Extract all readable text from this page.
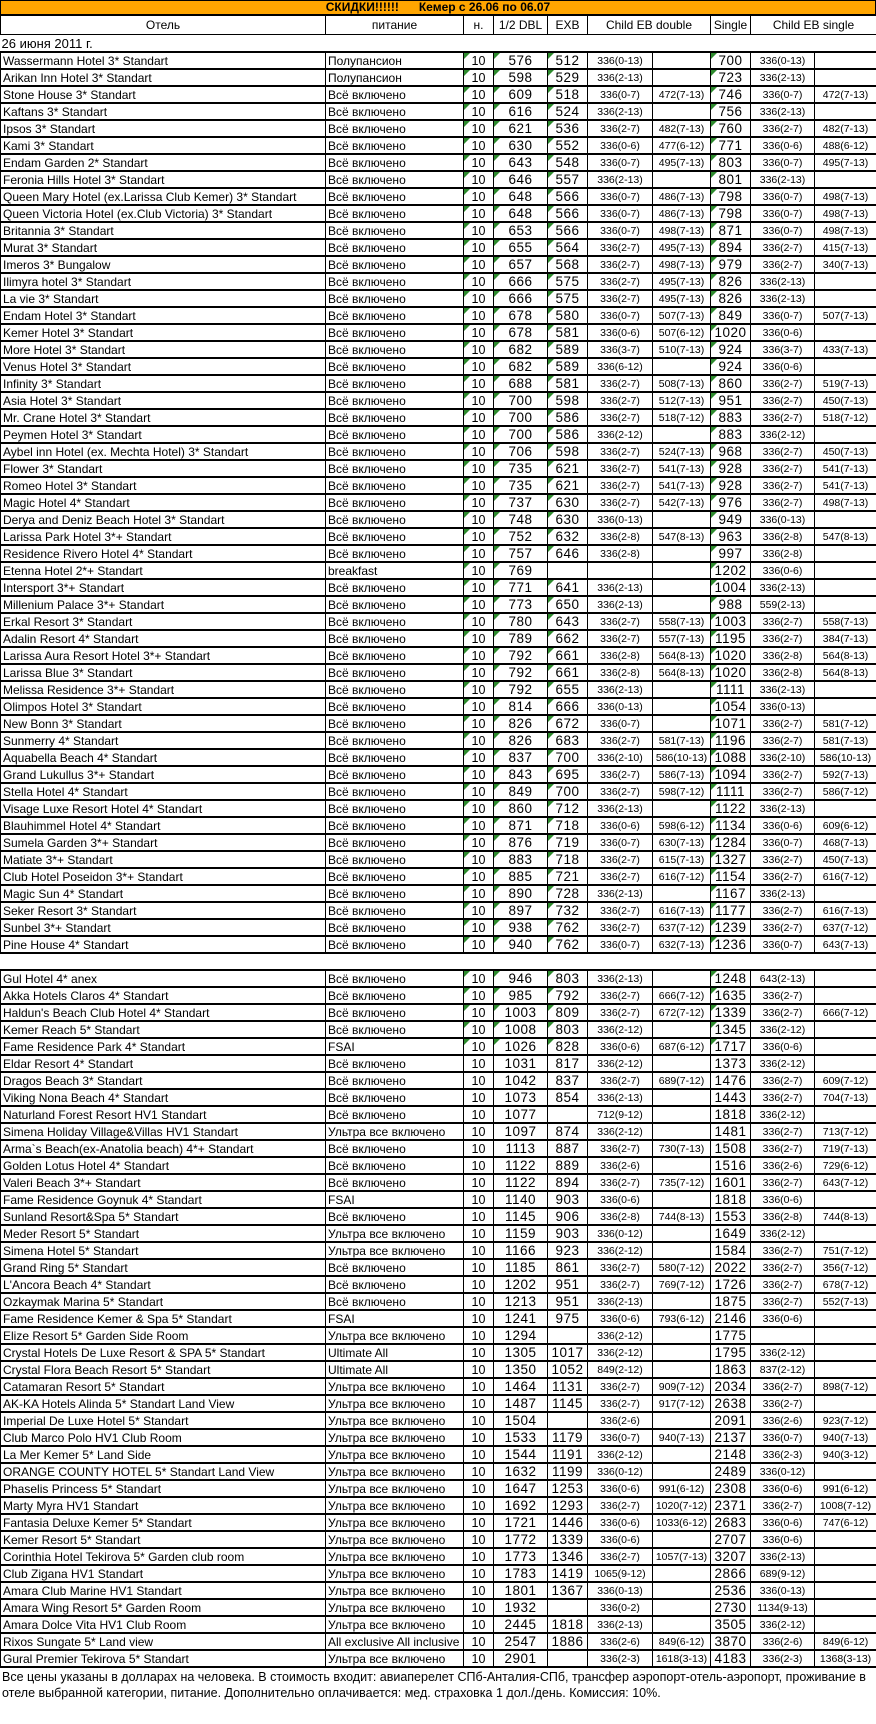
СКИДКИ!!!!!! Кемер с 26.06 по 06.07
Отель	питание	н.	1/2 DBL	EXB	Child EB double		Single	Child EB single	
26 июня 2011 г.									
Wassermann Hotel 3* Standart	Полупансион	10	576	512	336(0-13)		700	336(0-13)	
Arikan Inn Hotel 3* Standart	Полупансион	10	598	529	336(2-13)		723	336(2-13)	
Stone House 3* Standart	Всё включено	10	609	518	336(0-7)	472(7-13)	746	336(0-7)	472(7-13)
Kaftans 3* Standart	Всё включено	10	616	524	336(2-13)		756	336(2-13)	
Ipsos 3* Standart	Всё включено	10	621	536	336(2-7)	482(7-13)	760	336(2-7)	482(7-13)
Kami 3* Standart	Всё включено	10	630	552	336(0-6)	477(6-12)	771	336(0-6)	488(6-12)
Endam Garden 2* Standart	Всё включено	10	643	548	336(0-7)	495(7-13)	803	336(0-7)	495(7-13)
Feronia Hills Hotel 3* Standart	Всё включено	10	646	557	336(2-13)		801	336(2-13)	
Queen Mary Hotel (ex.Larissa Club Kemer) 3* Standart	Всё включено	10	648	566	336(0-7)	486(7-13)	798	336(0-7)	498(7-13)
Queen Victoria Hotel (ex.Club Victoria) 3* Standart	Всё включено	10	648	566	336(0-7)	486(7-13)	798	336(0-7)	498(7-13)
Britannia 3* Standart	Всё включено	10	653	566	336(0-7)	498(7-13)	871	336(0-7)	498(7-13)
Murat 3* Standart	Всё включено	10	655	564	336(2-7)	495(7-13)	894	336(2-7)	415(7-13)
Imeros 3* Bungalow	Всё включено	10	657	568	336(2-7)	498(7-13)	979	336(2-7)	340(7-13)
Ilimyra hotel 3* Standart	Всё включено	10	666	575	336(2-7)	495(7-13)	826	336(2-13)	
La vie 3* Standart	Всё включено	10	666	575	336(2-7)	495(7-13)	826	336(2-13)	
Endam Hotel 3* Standart	Всё включено	10	678	580	336(0-7)	507(7-13)	849	336(0-7)	507(7-13)
Kemer Hotel 3* Standart	Всё включено	10	678	581	336(0-6)	507(6-12)	1020	336(0-6)	
More Hotel 3* Standart	Всё включено	10	682	589	336(3-7)	510(7-13)	924	336(3-7)	433(7-13)
Venus Hotel 3* Standart	Всё включено	10	682	589	336(6-12)		924	336(0-6)	
Infinity 3* Standart	Всё включено	10	688	581	336(2-7)	508(7-13)	860	336(2-7)	519(7-13)
Asia Hotel 3* Standart	Всё включено	10	700	598	336(2-7)	512(7-13)	951	336(2-7)	450(7-13)
Mr. Crane Hotel 3* Standart	Всё включено	10	700	586	336(2-7)	518(7-12)	883	336(2-7)	518(7-12)
Peymen Hotel 3* Standart	Всё включено	10	700	586	336(2-12)		883	336(2-12)	
Aybel inn Hotel (ex. Mechta Hotel) 3* Standart	Всё включено	10	706	598	336(2-7)	524(7-13)	968	336(2-7)	450(7-13)
Flower 3* Standart	Всё включено	10	735	621	336(2-7)	541(7-13)	928	336(2-7)	541(7-13)
Romeo Hotel 3* Standart	Всё включено	10	735	621	336(2-7)	541(7-13)	928	336(2-7)	541(7-13)
Magic Hotel 4* Standart	Всё включено	10	737	630	336(2-7)	542(7-13)	976	336(2-7)	498(7-13)
Derya and Deniz Beach Hotel 3* Standart	Всё включено	10	748	630	336(0-13)		949	336(0-13)	
Larissa Park Hotel 3*+ Standart	Всё включено	10	752	632	336(2-8)	547(8-13)	963	336(2-8)	547(8-13)
Residence Rivero Hotel 4* Standart	Всё включено	10	757	646	336(2-8)		997	336(2-8)	
Etenna Hotel 2*+ Standart	breakfast	10	769				1202	336(0-6)	
Intersport 3*+ Standart	Всё включено	10	771	641	336(2-13)		1004	336(2-13)	
Millenium Palace 3*+ Standart	Всё включено	10	773	650	336(2-13)		988	559(2-13)	
Erkal Resort 3* Standart	Всё включено	10	780	643	336(2-7)	558(7-13)	1003	336(2-7)	558(7-13)
Adalin Resort 4* Standart	Всё включено	10	789	662	336(2-7)	557(7-13)	1195	336(2-7)	384(7-13)
Larissa Aura Resort Hotel 3*+ Standart	Всё включено	10	792	661	336(2-8)	564(8-13)	1020	336(2-8)	564(8-13)
Larissa Blue 3* Standart	Всё включено	10	792	661	336(2-8)	564(8-13)	1020	336(2-8)	564(8-13)
Melissa Residence 3*+ Standart	Всё включено	10	792	655	336(2-13)		1111	336(2-13)	
Olimpos Hotel 3* Standart	Всё включено	10	814	666	336(0-13)		1054	336(0-13)	
New Bonn 3* Standart	Всё включено	10	826	672	336(0-7)		1071	336(2-7)	581(7-12)
Sunmerry 4* Standart	Всё включено	10	826	683	336(2-7)	581(7-13)	1196	336(2-7)	581(7-13)
Aquabella Beach 4* Standart	Всё включено	10	837	700	336(2-10)	586(10-13)	1088	336(2-10)	586(10-13)
Grand Lukullus 3*+ Standart	Всё включено	10	843	695	336(2-7)	586(7-13)	1094	336(2-7)	592(7-13)
Stella Hotel 4* Standart	Всё включено	10	849	700	336(2-7)	598(7-12)	1111	336(2-7)	586(7-12)
Visage Luxe Resort Hotel 4* Standart	Всё включено	10	860	712	336(2-13)		1122	336(2-13)	
Blauhimmel Hotel 4* Standart	Всё включено	10	871	718	336(0-6)	598(6-12)	1134	336(0-6)	609(6-12)
Sumela Garden 3*+ Standart	Всё включено	10	876	719	336(0-7)	630(7-13)	1284	336(0-7)	468(7-13)
Matiate 3*+ Standart	Всё включено	10	883	718	336(2-7)	615(7-13)	1327	336(2-7)	450(7-13)
Club Hotel Poseidon 3*+ Standart	Всё включено	10	885	721	336(2-7)	616(7-12)	1154	336(2-7)	616(7-12)
Magic Sun 4* Standart	Всё включено	10	890	728	336(2-13)		1167	336(2-13)	
Seker Resort 3* Standart	Всё включено	10	897	732	336(2-7)	616(7-13)	1177	336(2-7)	616(7-13)
Sunbel 3*+ Standart	Всё включено	10	938	762	336(2-7)	637(7-12)	1239	336(2-7)	637(7-12)
Pine House 4* Standart	Всё включено	10	940	762	336(0-7)	632(7-13)	1236	336(0-7)	643(7-13)

Gul Hotel 4* anex	Всё включено	10	946	803	336(2-13)		1248	643(2-13)	
Akka Hotels Claros 4* Standart	Всё включено	10	985	792	336(2-7)	666(7-12)	1635	336(2-7)	
Haldun's Beach Club Hotel 4* Standart	Всё включено	10	1003	809	336(2-7)	672(7-12)	1339	336(2-7)	666(7-12)
Kemer Reach 5* Standart	Всё включено	10	1008	803	336(2-12)		1345	336(2-12)	
Fame Residence Park 4* Standart	FSAI	10	1026	828	336(0-6)	687(6-12)	1717	336(0-6)	
Eldar Resort 4* Standart	Всё включено	10	1031	817	336(2-12)		1373	336(2-12)	
Dragos Beach 3* Standart	Всё включено	10	1042	837	336(2-7)	689(7-12)	1476	336(2-7)	609(7-12)
Viking Nona Beach 4* Standart	Всё включено	10	1073	854	336(2-13)		1443	336(2-7)	704(7-13)
Naturland Forest Resort HV1 Standart	Всё включено	10	1077		712(9-12)		1818	336(2-12)	
Simena Holiday Village&Villas HV1 Standart	Ультра все включено	10	1097	874	336(2-12)		1481	336(2-7)	713(7-12)
Arma`s Beach(ex-Anatolia beach) 4*+ Standart	Всё включено	10	1113	887	336(2-7)	730(7-13)	1508	336(2-7)	719(7-13)
Golden Lotus Hotel 4* Standart	Всё включено	10	1122	889	336(2-6)		1516	336(2-6)	729(6-12)
Valeri Beach 3*+ Standart	Всё включено	10	1122	894	336(2-7)	735(7-12)	1601	336(2-7)	643(7-12)
Fame Residence Goynuk 4* Standart	FSAI	10	1140	903	336(0-6)		1818	336(0-6)	
Sunland Resort&Spa 5* Standart	Всё включено	10	1145	906	336(2-8)	744(8-13)	1553	336(2-8)	744(8-13)
Meder Resort 5* Standart	Ультра все включено	10	1159	903	336(0-12)		1649	336(2-12)	
Simena Hotel 5* Standart	Ультра все включено	10	1166	923	336(2-12)		1584	336(2-7)	751(7-12)
Grand Ring 5* Standart	Всё включено	10	1185	861	336(2-7)	580(7-12)	2022	336(2-7)	356(7-12)
L'Ancora Beach 4* Standart	Всё включено	10	1202	951	336(2-7)	769(7-12)	1726	336(2-7)	678(7-12)
Ozkaymak Marina 5* Standart	Всё включено	10	1213	951	336(2-13)		1875	336(2-7)	552(7-13)
Fame Residence Kemer & Spa 5* Standart	FSAI	10	1241	975	336(0-6)	793(6-12)	2146	336(0-6)	
Elize Resort 5* Garden Side Room	Ультра все включено	10	1294		336(2-12)		1775		
Crystal Hotels De Luxe Resort & SPA 5* Standart	Ultimate All	10	1305	1017	336(2-12)		1795	336(2-12)	
Crystal Flora Beach Resort 5* Standart	Ultimate All	10	1350	1052	849(2-12)		1863	837(2-12)	
Catamaran Resort 5* Standart	Ультра все включено	10	1464	1131	336(2-7)	909(7-12)	2034	336(2-7)	898(7-12)
AK-KA Hotels Alinda 5* Standart Land View	Ультра все включено	10	1487	1145	336(2-7)	917(7-12)	2638	336(2-7)	
Imperial De Luxe Hotel 5* Standart	Ультра все включено	10	1504		336(2-6)		2091	336(2-6)	923(7-12)
Club Marco Polo HV1 Club Room	Ультра все включено	10	1533	1179	336(0-7)	940(7-13)	2137	336(0-7)	940(7-13)
La Mer Kemer 5* Land Side	Ультра все включено	10	1544	1191	336(2-12)		2148	336(2-3)	940(3-12)
ORANGE COUNTY HOTEL 5* Standart Land View	Ультра все включено	10	1632	1199	336(0-12)		2489	336(0-12)	
Phaselis Princess 5* Standart	Ультра все включено	10	1647	1253	336(0-6)	991(6-12)	2308	336(0-6)	991(6-12)
Marty Myra HV1 Standart	Ультра все включено	10	1692	1293	336(2-7)	1020(7-12)	2371	336(2-7)	1008(7-12)
Fantasia Deluxe Kemer 5* Standart	Ультра все включено	10	1721	1446	336(0-6)	1033(6-12)	2683	336(0-6)	747(6-12)
Kemer Resort 5* Standart	Ультра все включено	10	1772	1339	336(0-6)		2707	336(0-6)	
Corinthia Hotel Tekirova 5* Garden club room	Ультра все включено	10	1773	1346	336(2-7)	1057(7-13)	3207	336(2-13)	
Club Zigana HV1 Standart	Ультра все включено	10	1783	1419	1065(9-12)		2866	689(9-12)	
Amara Club Marine HV1 Standart	Ультра все включено	10	1801	1367	336(0-13)		2536	336(0-13)	
Amara Wing Resort 5* Garden Room	Ультра все включено	10	1932		336(0-2)		2730	1134(9-13)	
Amara Dolce Vita HV1 Club Room	Ультра все включено	10	2445	1818	336(2-13)		3505	336(2-12)	
Rixos Sungate 5* Land view	All exclusive All inclusive	10	2547	1886	336(2-6)	849(6-12)	3870	336(2-6)	849(6-12)
Gural Premier Tekirova 5* Standart	Ультра все включено	10	2901		336(2-3)	1618(3-13)	4183	336(2-3)	1368(3-13)
Все цены указаны в долларах на человека. В стоимость входит: авиаперелет СПб-Анталия-СПб, трансфер аэропорт-отель-аэропорт, проживание в отеле выбранной категории, питание. Дополнительно оплачивается: мед. страховка 1 дол./день. Комиссия: 10%.
